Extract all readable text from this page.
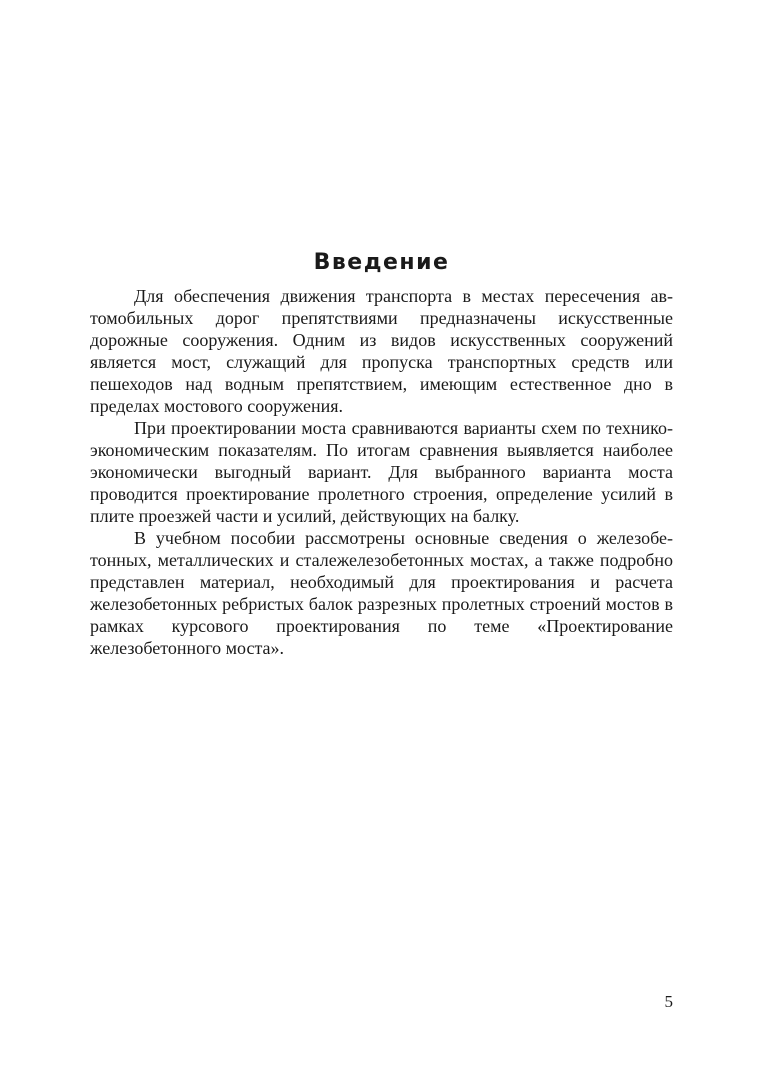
Введение

Для обеспечения движения транспорта в местах пересечения автомобильных дорог препятствиями предназначены искусственные дорожные сооружения. Одним из видов искусственных сооружений является мост, служащий для пропуска транспортных средств или пешеходов над водным препятствием, имеющим естественное дно в пределах мостового сооружения.

При проектировании моста сравниваются варианты схем по технико-экономическим показателям. По итогам сравнения выявляется наиболее экономически выгодный вариант. Для выбранного варианта моста проводится проектирование пролетного строения, определение усилий в плите проезжей части и усилий, действующих на балку.

В учебном пособии рассмотрены основные сведения о железобетонных, металлических и сталежелезобетонных мостах, а также подробно представлен материал, необходимый для проектирования и расчета железобетонных ребристых балок разрезных пролетных строений мостов в рамках курсового проектирования по теме «Проектирование железобетонного моста».

5
